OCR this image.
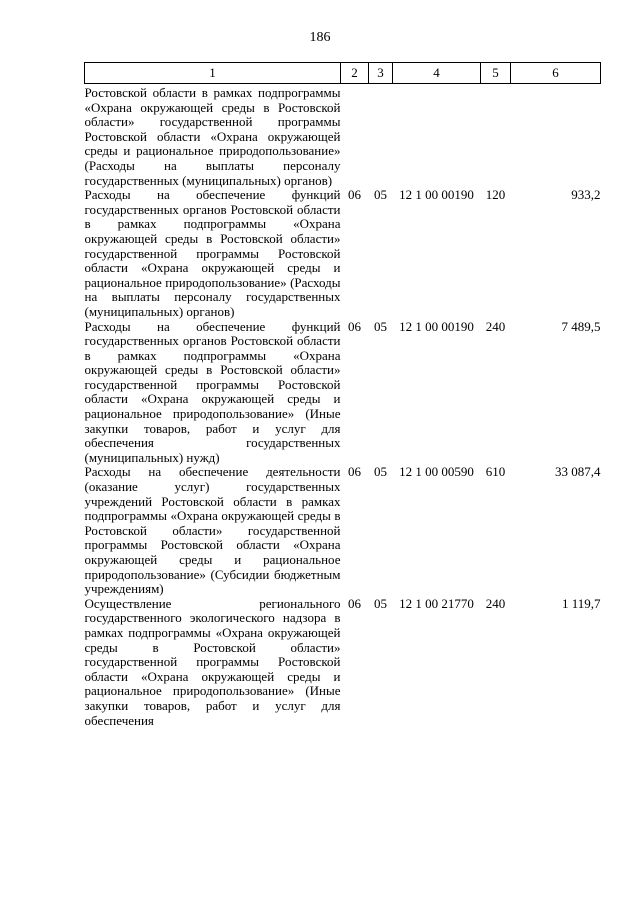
186
1	2	3	4	5	6
Ростовской области в рамках подпрограммы «Охрана окружающей среды в Ростовской области» государственной программы Ростовской области «Охрана окружающей среды и рациональное природопользование» (Расходы на выплаты персоналу государственных (муниципальных) органов)					
Расходы на обеспечение функций государственных органов Ростовской области в рамках подпрограммы «Охрана окружающей среды в Ростовской области» государственной программы Ростовской области «Охрана окружающей среды и рациональное природопользование» (Расходы на выплаты персоналу государственных (муниципальных) органов)	06	05	12 1 00 00190	120	933,2
Расходы на обеспечение функций государственных органов Ростовской области в рамках подпрограммы «Охрана окружающей среды в Ростовской области» государственной программы Ростовской области «Охрана окружающей среды и рациональное природопользование» (Иные закупки товаров, работ и услуг для обеспечения государственных (муниципальных) нужд)	06	05	12 1 00 00190	240	7 489,5
Расходы на обеспечение деятельности (оказание услуг) государственных учреждений Ростовской области в рамках подпрограммы «Охрана окружающей среды в Ростовской области» государственной программы Ростовской области «Охрана окружающей среды и рациональное природопользование» (Субсидии бюджетным учреждениям)	06	05	12 1 00 00590	610	33 087,4
Осуществление регионального государственного экологического надзора в рамках подпрограммы «Охрана окружающей среды в Ростовской области» государственной программы Ростовской области «Охрана окружающей среды и рациональное природопользование» (Иные закупки товаров, работ и услуг для обеспечения	06	05	12 1 00 21770	240	1 119,7
